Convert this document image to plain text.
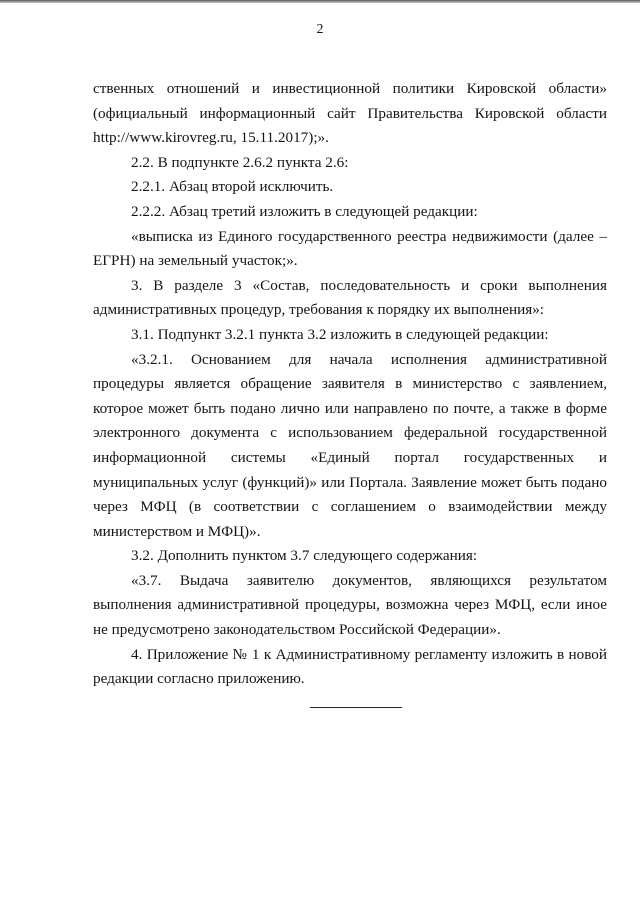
2

ственных отношений и инвестиционной политики Кировской области» (официальный информационный сайт Правительства Кировской области http://www.kirovreg.ru, 15.11.2017);».

2.2. В подпункте 2.6.2 пункта 2.6:

2.2.1. Абзац второй исключить.

2.2.2. Абзац третий изложить в следующей редакции:

«выписка из Единого государственного реестра недвижимости (далее – ЕГРН) на земельный участок;».

3. В разделе 3 «Состав, последовательность и сроки выполнения административных процедур, требования к порядку их выполнения»:

3.1. Подпункт 3.2.1 пункта 3.2 изложить в следующей редакции:

«3.2.1. Основанием для начала исполнения административной процедуры является обращение заявителя в министерство с заявлением, которое может быть подано лично или направлено по почте, а также в форме электронного документа с использованием федеральной государственной информационной системы «Единый портал государственных и муниципальных услуг (функций)» или Портала. Заявление может быть подано через МФЦ (в соответствии с соглашением о взаимодействии между министерством и МФЦ)».

3.2. Дополнить пунктом 3.7 следующего содержания:

«3.7. Выдача заявителю документов, являющихся результатом выполнения административной процедуры, возможна через МФЦ, если иное не предусмотрено законодательством Российской Федерации».

4. Приложение № 1 к Административному регламенту изложить в новой редакции согласно приложению.
